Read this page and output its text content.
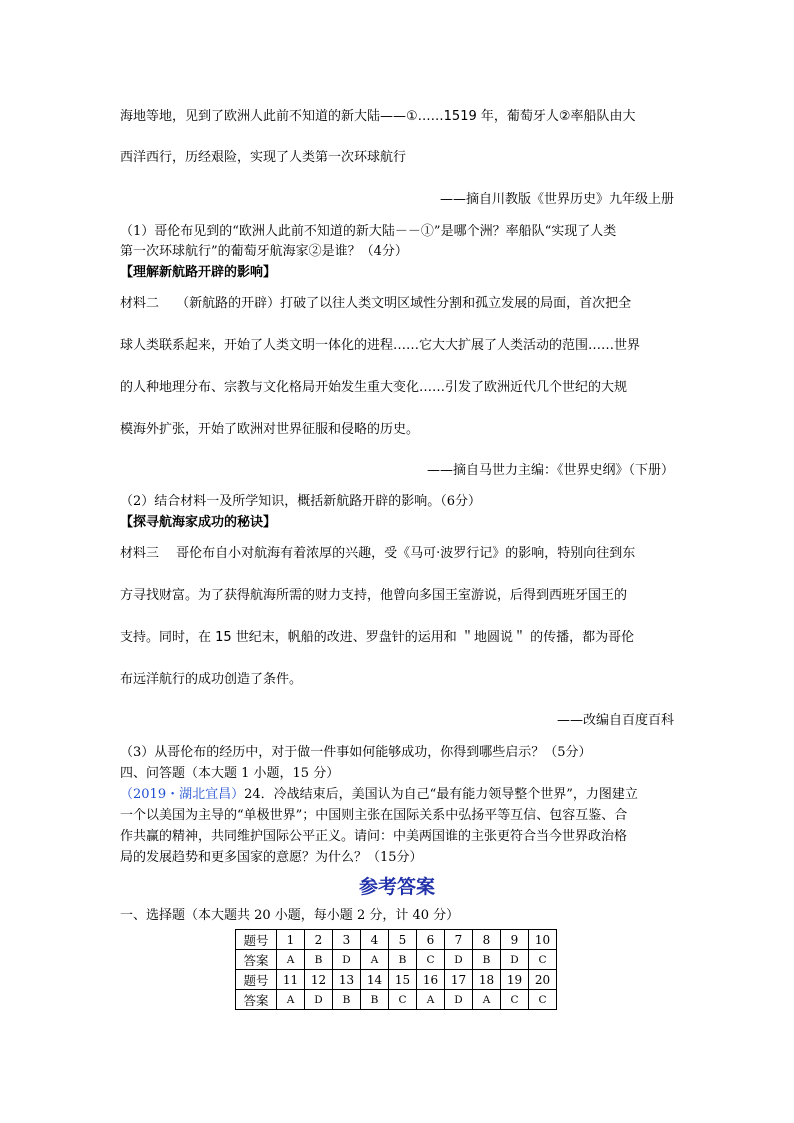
海地等地，见到了欧洲人此前不知道的新大陆——①……1519 年，葡萄牙人②率船队由大
西洋西行，历经艰险，实现了人类第一次环球航行
——摘自川教版《世界历史》九年级上册
（1）哥伦布见到的“欧洲人此前不知道的新大陆－－①”是哪个洲？率船队“实现了人类
第一次环球航行”的葡萄牙航海家②是谁？（4分）
【理解新航路开辟的影响】
材料二　 （新航路的开辟）打破了以往人类文明区域性分割和孤立发展的局面，首次把全
球人类联系起来，开始了人类文明一体化的进程……它大大扩展了人类活动的范围……世界
的人种地理分布、宗教与文化格局开始发生重大变化……引发了欧洲近代几个世纪的大规
模海外扩张，开始了欧洲对世界征服和侵略的历史。
——摘自马世力主编：《世界史纲》（下册）
（2）结合材料一及所学知识，概括新航路开辟的影响。（6分）
【探寻航海家成功的秘诀】
材料三　 哥伦布自小对航海有着浓厚的兴趣，受《马可·波罗行记》的影响，特别向往到东
方寻找财富。为了获得航海所需的财力支持，他曾向多国王室游说，后得到西班牙国王的
支持。同时，在 15 世纪末，帆船的改进、罗盘针的运用和 ＂地圆说＂ 的传播，都为哥伦
布远洋航行的成功创造了条件。
——改编自百度百科
（3）从哥伦布的经历中，对于做一件事如何能够成功，你得到哪些启示？（5分）
四、问答题（本大题 1 小题，15 分）
（2019・湖北宜昌）24．冷战结束后，美国认为自己“最有能力领导整个世界”，力图建立
一个以美国为主导的“单极世界”；中国则主张在国际关系中弘扬平等互信、包容互鉴、合
作共赢的精神，共同维护国际公平正义。请问：中美两国谁的主张更符合当今世界政治格
局的发展趋势和更多国家的意愿？为什么？（15分）
参考答案
一、选择题（本大题共 20 小题，每小题 2 分，计 40 分）
题号	1	2	3	4	5	6	7	8	9	10
答案	A	B	D	A	B	C	D	B	D	C
题号	11	12	13	14	15	16	17	18	19	20
答案	A	D	B	B	C	A	D	A	C	C
